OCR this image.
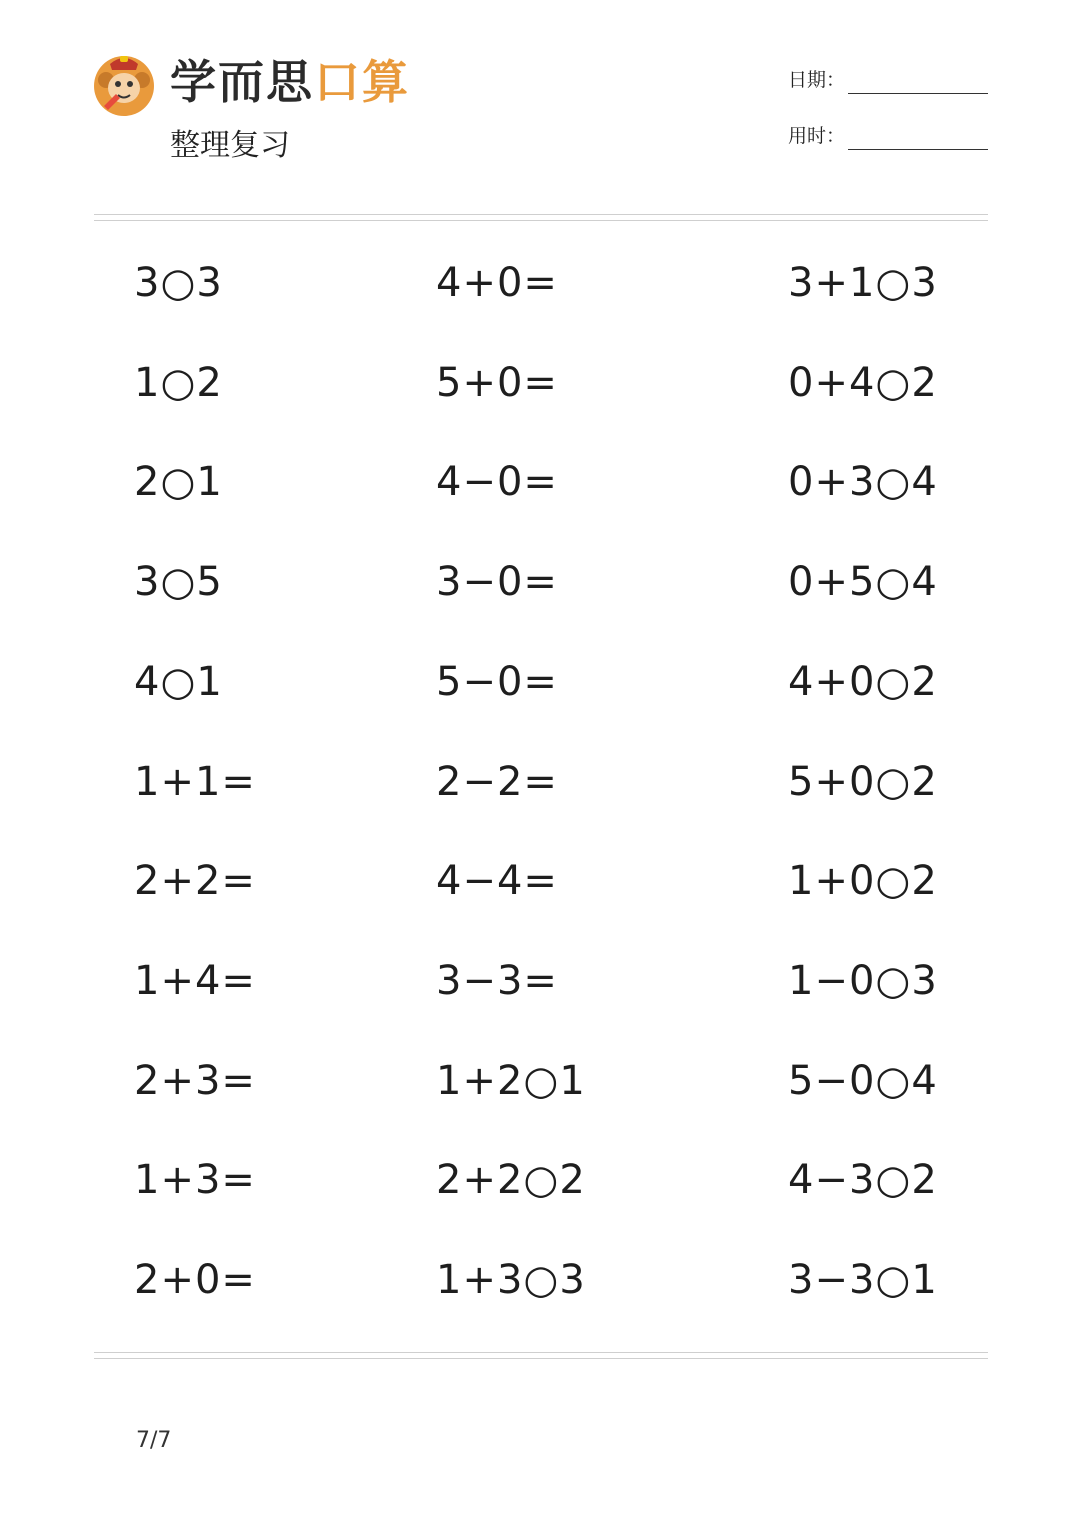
学而思口算
整理复习
日期：
用时：
3○3
1○2
2○1
3○5
4○1
1+1=
2+2=
1+4=
2+3=
1+3=
2+0=
4+0=
5+0=
4−0=
3−0=
5−0=
2−2=
4−4=
3−3=
1+2○1
2+2○2
1+3○3
3+1○3
0+4○2
0+3○4
0+5○4
4+0○2
5+0○2
1+0○2
1−0○3
5−0○4
4−3○2
3−3○1
7/7
